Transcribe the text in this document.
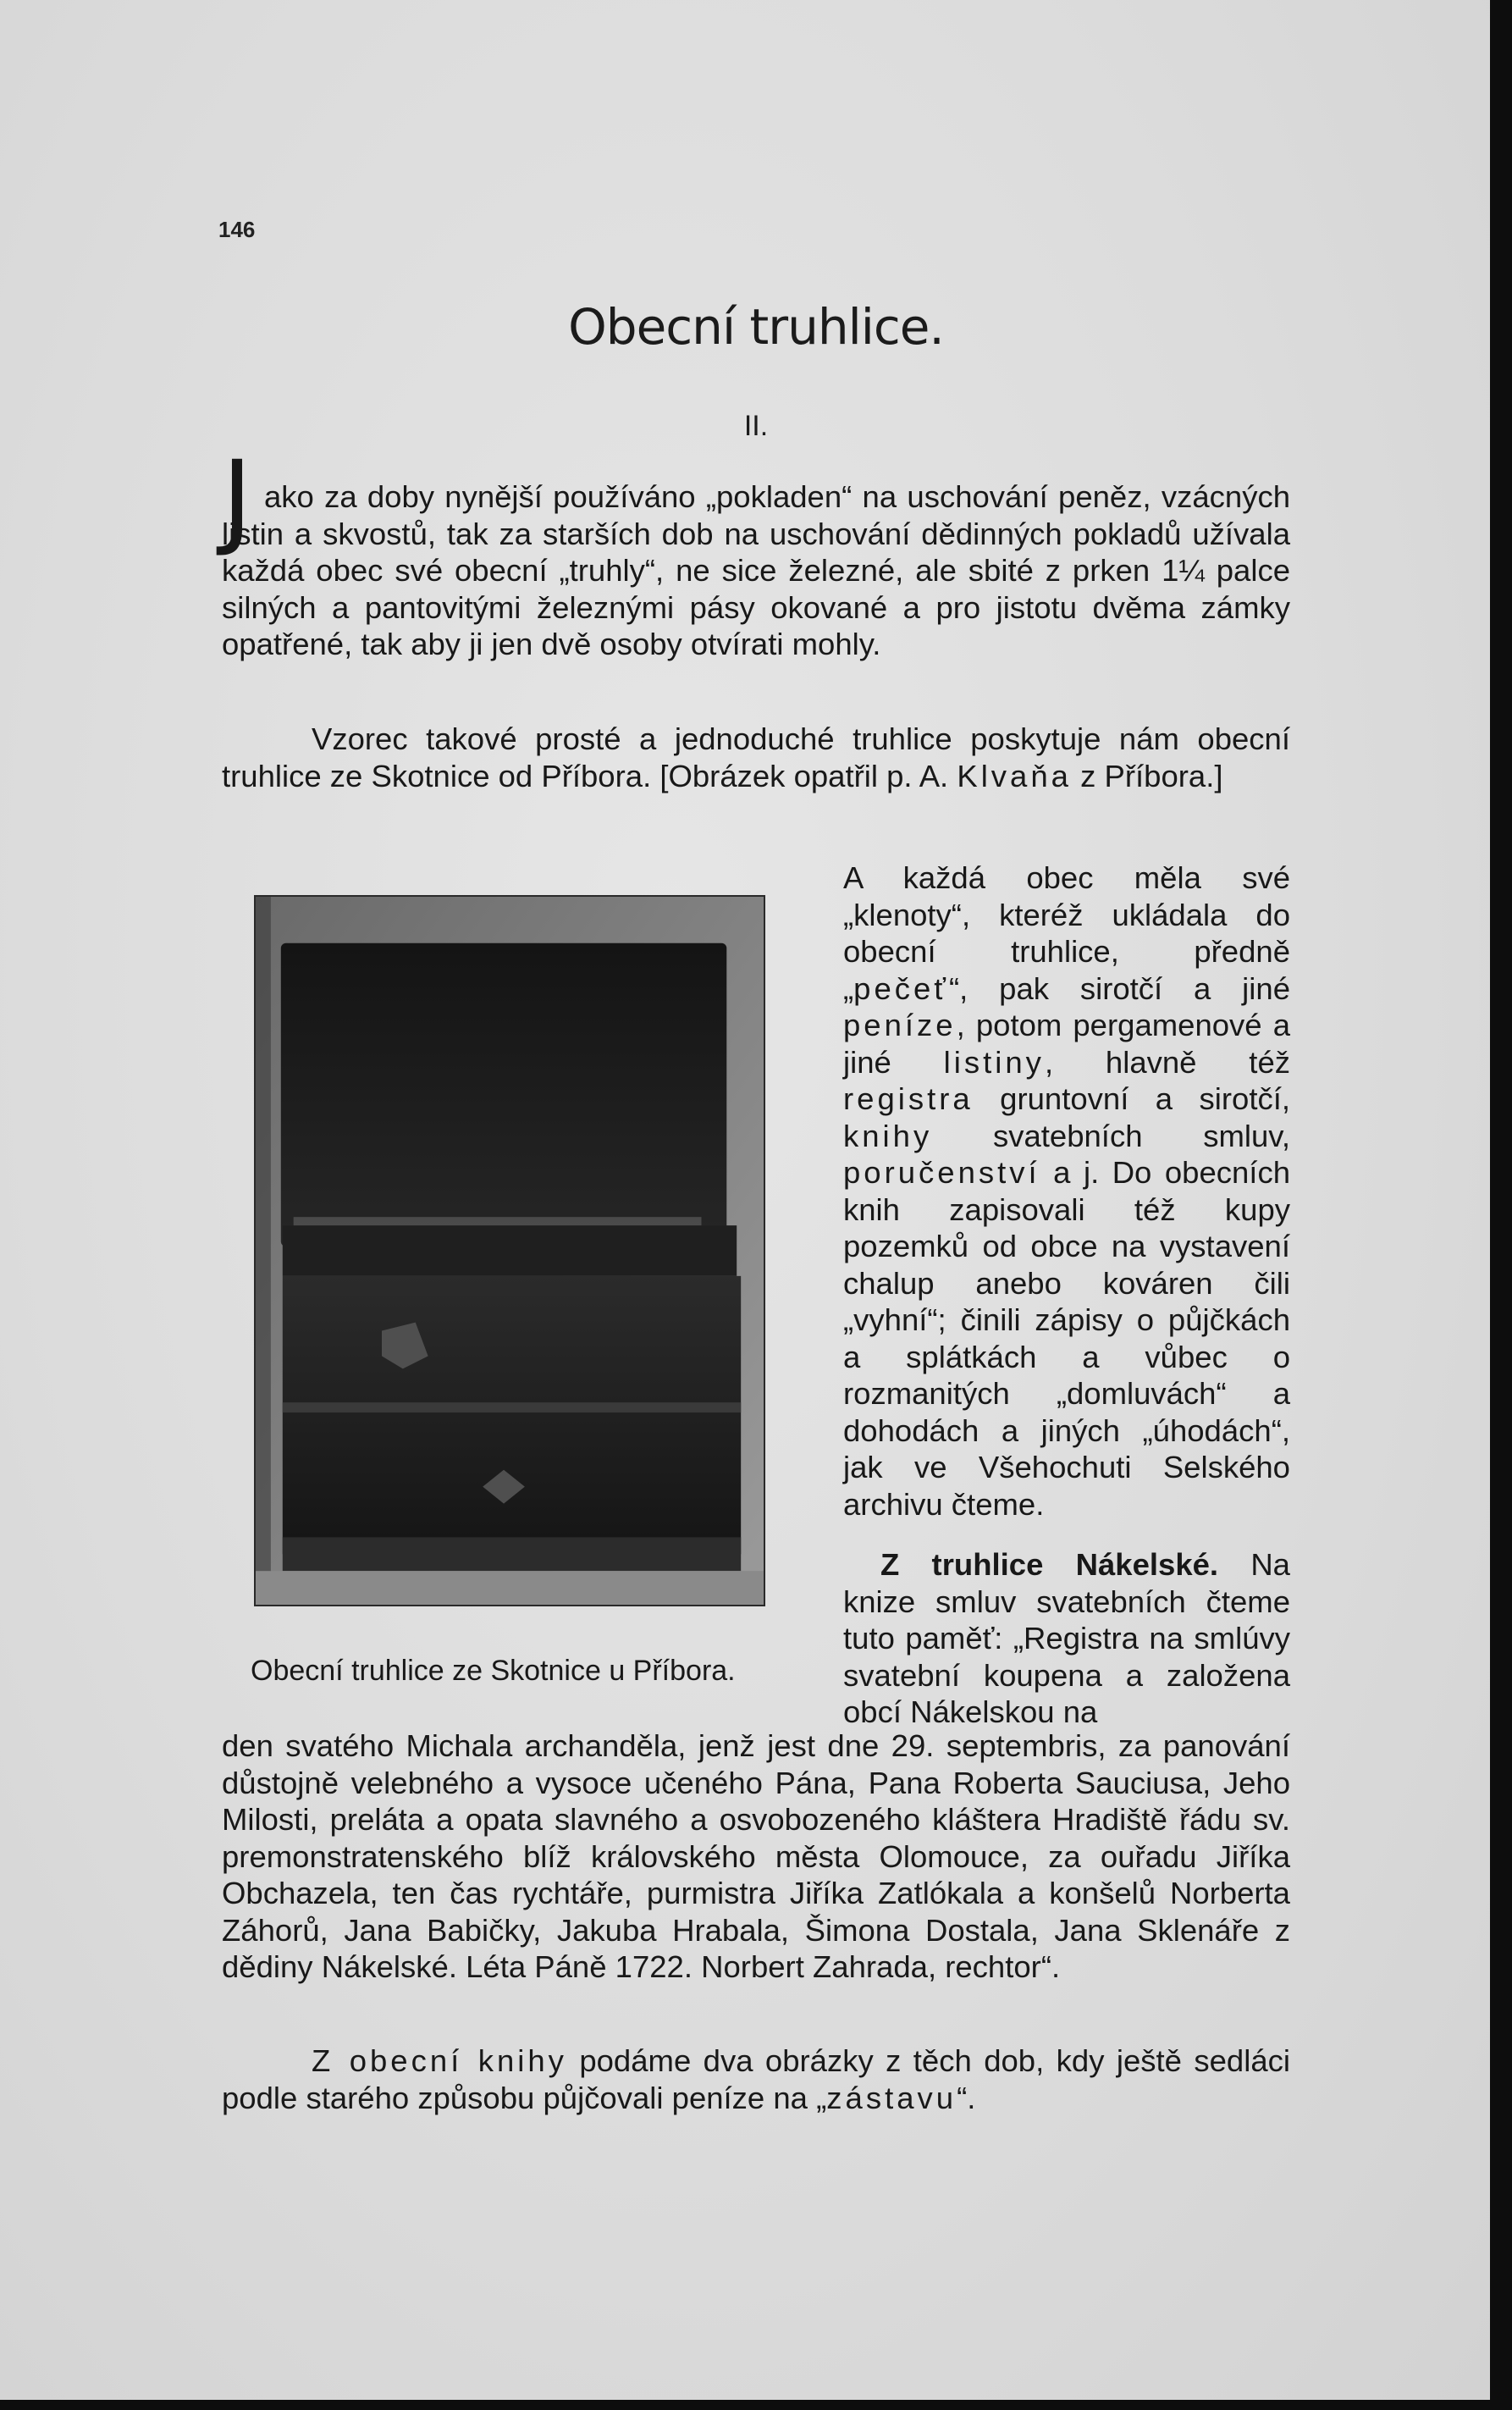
146
Obecní truhlice.
II.
J ako za doby nynější používáno „pokladen“ na uschování peněz, vzácných listin a skvostů, tak za starších dob na uschování dědinných pokladů užívala každá obec své obecní „truhly“, ne sice železné, ale sbité z prken 1¼ palce silných a pantovitými železnými pásy okované a pro jistotu dvěma zámky opatřené, tak aby ji jen dvě osoby otvírati mohly.

Vzorec takové prosté a jednoduché truhlice poskytuje nám obecní truhlice ze Skotnice od Příbora. [Obrázek opatřil p. A. Klvaňa z Příbora.]

Obecní truhlice ze Skotnice u Příbora.

A každá obec měla své „klenoty“, kteréž ukládala do obecní truhlice, předně „pečeť“, pak sirotčí a jiné peníze, potom pergamenové a jiné listiny, hlavně též registra gruntovní a sirotčí, knihy svatebních smluv, poručenství a j. Do obecních knih zapisovali též kupy pozemků od obce na vystavení chalup anebo kováren čili „vyhní“; činili zápisy o půjčkách a splátkách a vůbec o rozmanitých „domluvách“ a dohodách a jiných „úhodách“, jak ve Všehochuti Selského archivu čteme.

Z truhlice Nákelské. Na knize smluv svatebních čteme tuto paměť: „Registra na smlúvy svatební koupena a založena obcí Nákelskou na

den svatého Michala archanděla, jenž jest dne 29. septembris, za panování důstojně velebného a vysoce učeného Pána, Pana Roberta Sauciusa, Jeho Milosti, preláta a opata slavného a osvobozeného kláštera Hradiště řádu sv. premonstratenského blíž královského města Olomouce, za ouřadu Jiříka Obchazela, ten čas rychtáře, purmistra Jiříka Zatlókala a konšelů Norberta Záhorů, Jana Babičky, Jakuba Hrabala, Šimona Dostala, Jana Sklenáře z dědiny Nákelské. Léta Páně 1722. Norbert Zahrada, rechtor“.

Z obecní knihy podáme dva obrázky z těch dob, kdy ještě sedláci podle starého způsobu půjčovali peníze na „zástavu“.
